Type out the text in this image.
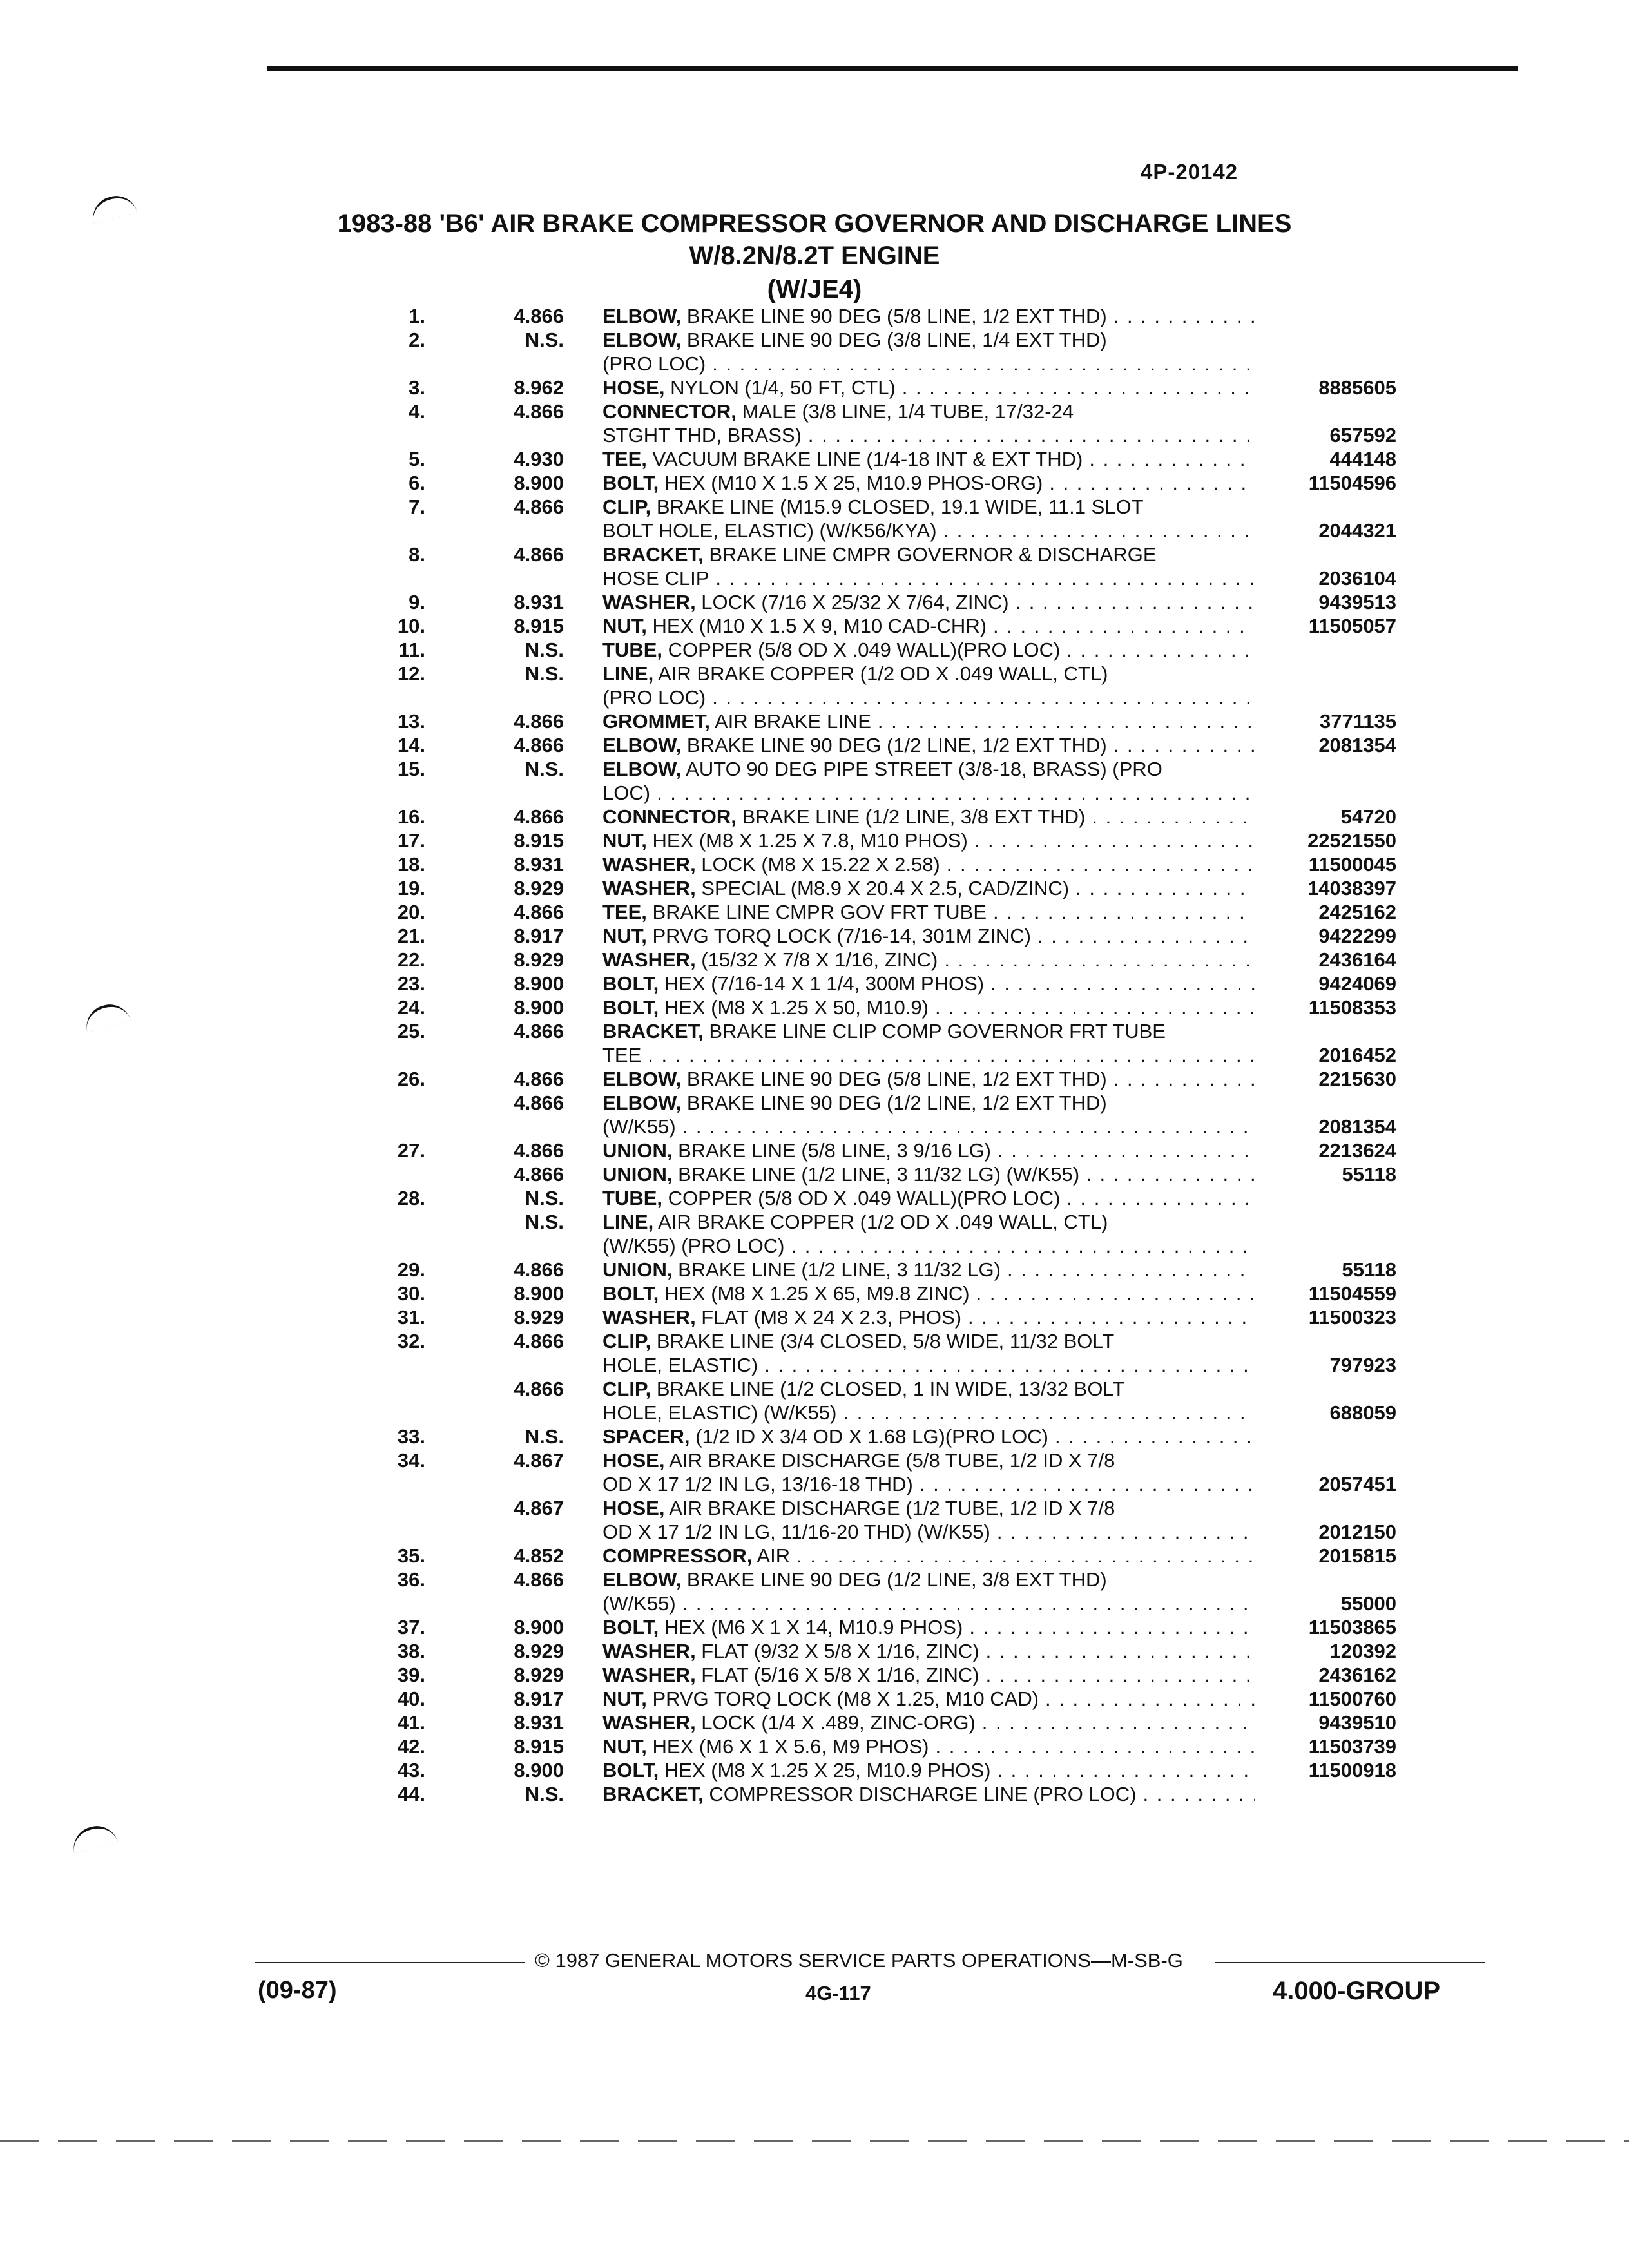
4P-20142
1983-88 'B6' AIR BRAKE COMPRESSOR GOVERNOR AND DISCHARGE LINES
W/8.2N/8.2T ENGINE
(W/JE4)
1.	4.866 ELBOW, BRAKE LINE 90 DEG (5/8 LINE, 1/2 EXT THD)
. . .
2.	N.S. ELBOW, BRAKE LINE 90 DEG (3/8 LINE, 1/4 EXT THD)
(PRO LOC)
. . .
3.	8.962 HOSE, NYLON (1/4, 50 FT, CTL) . . .	8885605
4.	4.866 CONNECTOR, MALE (3/8 LINE, 1/4 TUBE, 17/32-24
STGHT THD, BRASS) . . .	657592
5.	4.930 TEE, VACUUM BRAKE LINE (1/4-18 INT & EXT THD) . . .	444148
6.	8.900 BOLT, HEX (M10 X 1.5 X 25, M10.9 PHOS-ORG) . . .	11504596
7.	4.866 CLIP, BRAKE LINE (M15.9 CLOSED, 19.1 WIDE, 11.1 SLOT
BOLT HOLE, ELASTIC) (W/K56/KYA) . . .	2044321
8.	4.866 BRACKET, BRAKE LINE CMPR GOVERNOR & DISCHARGE
HOSE CLIP . . .	2036104
9.	8.931 WASHER, LOCK (7/16 X 25/32 X 7/64, ZINC) . . .	9439513
10.	8.915 NUT, HEX (M10 X 1.5 X 9, M10 CAD-CHR) . . .	11505057
11.	N.S. TUBE, COPPER (5/8 OD X .049 WALL)(PRO LOC)
. . .
12.	N.S. LINE, AIR BRAKE COPPER (1/2 OD X .049 WALL, CTL)
(PRO LOC)
. . .
13.	4.866 GROMMET, AIR BRAKE LINE . . .	3771135
14.	4.866 ELBOW, BRAKE LINE 90 DEG (1/2 LINE, 1/2 EXT THD) . . .	2081354
15.	N.S. ELBOW, AUTO 90 DEG PIPE STREET (3/8-18, BRASS) (PRO
LOC)
. . .
16.	4.866 CONNECTOR, BRAKE LINE (1/2 LINE, 3/8 EXT THD) . . .	54720
17.	8.915 NUT, HEX (M8 X 1.25 X 7.8, M10 PHOS) . . .	22521550
18.	8.931 WASHER, LOCK (M8 X 15.22 X 2.58) . . .	11500045
19.	8.929 WASHER, SPECIAL (M8.9 X 20.4 X 2.5, CAD/ZINC) . . .	14038397
20.	4.866 TEE, BRAKE LINE CMPR GOV FRT TUBE . . .	2425162
21.	8.917 NUT, PRVG TORQ LOCK (7/16-14, 301M ZINC) . . .	9422299
22.	8.929 WASHER, (15/32 X 7/8 X 1/16, ZINC) . . .	2436164
23.	8.900 BOLT, HEX (7/16-14 X 1 1/4, 300M PHOS) . . .	9424069
24.	8.900 BOLT, HEX (M8 X 1.25 X 50, M10.9) . . .	11508353
25.	4.866 BRACKET, BRAKE LINE CLIP COMP GOVERNOR FRT TUBE
TEE . . .	2016452
26.	4.866 ELBOW, BRAKE LINE 90 DEG (5/8 LINE, 1/2 EXT THD) . . .	2215630
4.866 ELBOW, BRAKE LINE 90 DEG (1/2 LINE, 1/2 EXT THD)
(W/K55) . . .	2081354
27.	4.866 UNION, BRAKE LINE (5/8 LINE, 3 9/16 LG) . . .	2213624
4.866 UNION, BRAKE LINE (1/2 LINE, 3 11/32 LG) (W/K55) . . .	55118
28.	N.S. TUBE, COPPER (5/8 OD X .049 WALL)(PRO LOC)
. . .
N.S. LINE, AIR BRAKE COPPER (1/2 OD X .049 WALL, CTL)
(W/K55) (PRO LOC)
. . .
29.	4.866 UNION, BRAKE LINE (1/2 LINE, 3 11/32 LG) . . .	55118
30.	8.900 BOLT, HEX (M8 X 1.25 X 65, M9.8 ZINC) . . .	11504559
31.	8.929 WASHER, FLAT (M8 X 24 X 2.3, PHOS) . . .	11500323
32.	4.866 CLIP, BRAKE LINE (3/4 CLOSED, 5/8 WIDE, 11/32 BOLT
HOLE, ELASTIC) . . .	797923
4.866 CLIP, BRAKE LINE (1/2 CLOSED, 1 IN WIDE, 13/32 BOLT
HOLE, ELASTIC) (W/K55) . . .	688059
33.	N.S. SPACER, (1/2 ID X 3/4 OD X 1.68 LG)(PRO LOC)
. . .
34.	4.867 HOSE, AIR BRAKE DISCHARGE (5/8 TUBE, 1/2 ID X 7/8
OD X 17 1/2 IN LG, 13/16-18 THD) . . .	2057451
4.867 HOSE, AIR BRAKE DISCHARGE (1/2 TUBE, 1/2 ID X 7/8
OD X 17 1/2 IN LG, 11/16-20 THD) (W/K55) . . .	2012150
35.	4.852 COMPRESSOR, AIR . . .	2015815
36.	4.866 ELBOW, BRAKE LINE 90 DEG (1/2 LINE, 3/8 EXT THD)
(W/K55) . . .	55000
37.	8.900 BOLT, HEX (M6 X 1 X 14, M10.9 PHOS) . . .	11503865
38.	8.929 WASHER, FLAT (9/32 X 5/8 X 1/16, ZINC) . . .	120392
39.	8.929 WASHER, FLAT (5/16 X 5/8 X 1/16, ZINC) . . .	2436162
40.	8.917 NUT, PRVG TORQ LOCK (M8 X 1.25, M10 CAD) . . .	11500760
41.	8.931 WASHER, LOCK (1/4 X .489, ZINC-ORG) . . .	9439510
42.	8.915 NUT, HEX (M6 X 1 X 5.6, M9 PHOS) . . .	11503739
43.	8.900 BOLT, HEX (M8 X 1.25 X 25, M10.9 PHOS) . . .	11500918
44.	N.S. BRACKET, COMPRESSOR DISCHARGE LINE (PRO LOC)
. . .
© 1987 GENERAL MOTORS SERVICE PARTS OPERATIONS—M-SB-G
(09-87)	4G-117	4.000-GROUP
